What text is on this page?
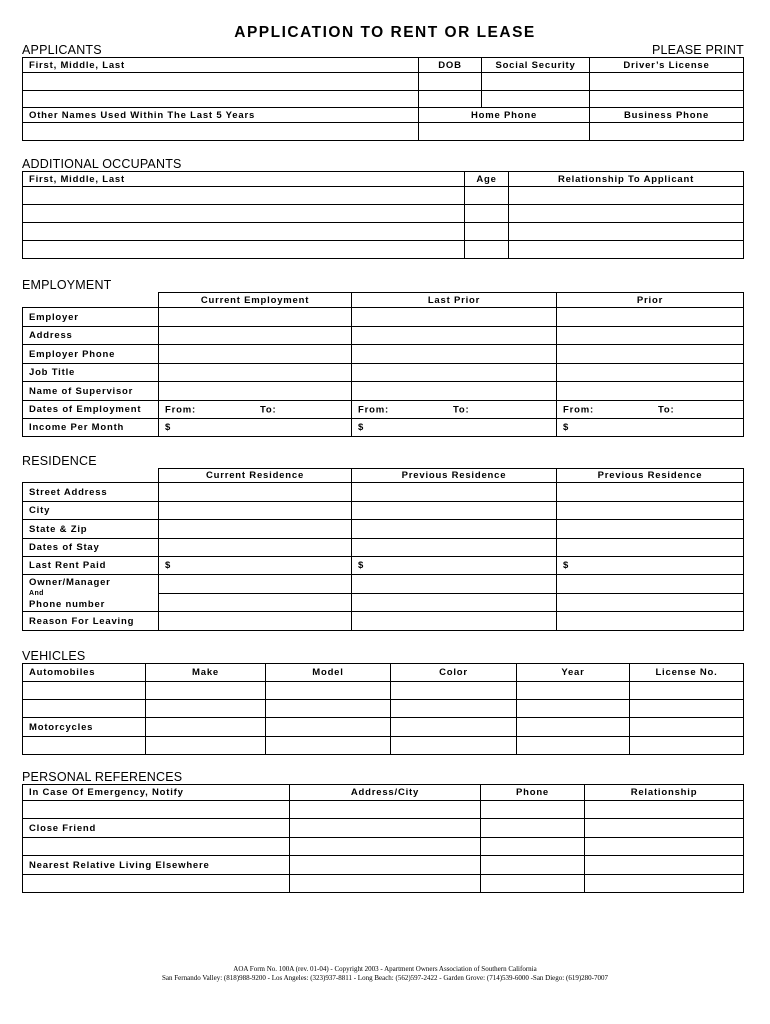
APPLICATION TO RENT OR LEASE
APPLICANTS	PLEASE PRINT
First, Middle, Last	DOB	Social Security	Driver’s License

Other Names Used Within The Last 5 Years	Home Phone	Business Phone

ADDITIONAL OCCUPANTS
First, Middle, Last	Age	Relationship To Applicant

EMPLOYMENT
	Current Employment	Last Prior	Prior
Employer			
Address			
Employer Phone			
Job Title			
Name of Supervisor			
Dates of Employment	From: To:	From: To:	From: To:

Income Per Month	$	$	$
RESIDENCE
	Current Residence	Previous Residence	Previous Residence
Street Address			
City			
State & Zip			
Dates of Stay			
Last Rent Paid	$	$	$

Owner/Manager
And
Phone number			

Reason For Leaving			
VEHICLES
Automobiles	Make	Model	Color	Year	License No.

Motorcycles					

PERSONAL REFERENCES
In Case Of Emergency, Notify	Address/City	Phone	Relationship

Close Friend			

Nearest Relative Living Elsewhere			

AOA Form No. 100A (rev. 01-04) - Copyright 2003 - Apartment Owners Association of Southern California
San Fernando Valley: (818)988-9200 - Los Angeles: (323)937-8811 - Long Beach: (562)597-2422 - Garden Grove: (714)539-6000 -San Diego: (619)280-7007
